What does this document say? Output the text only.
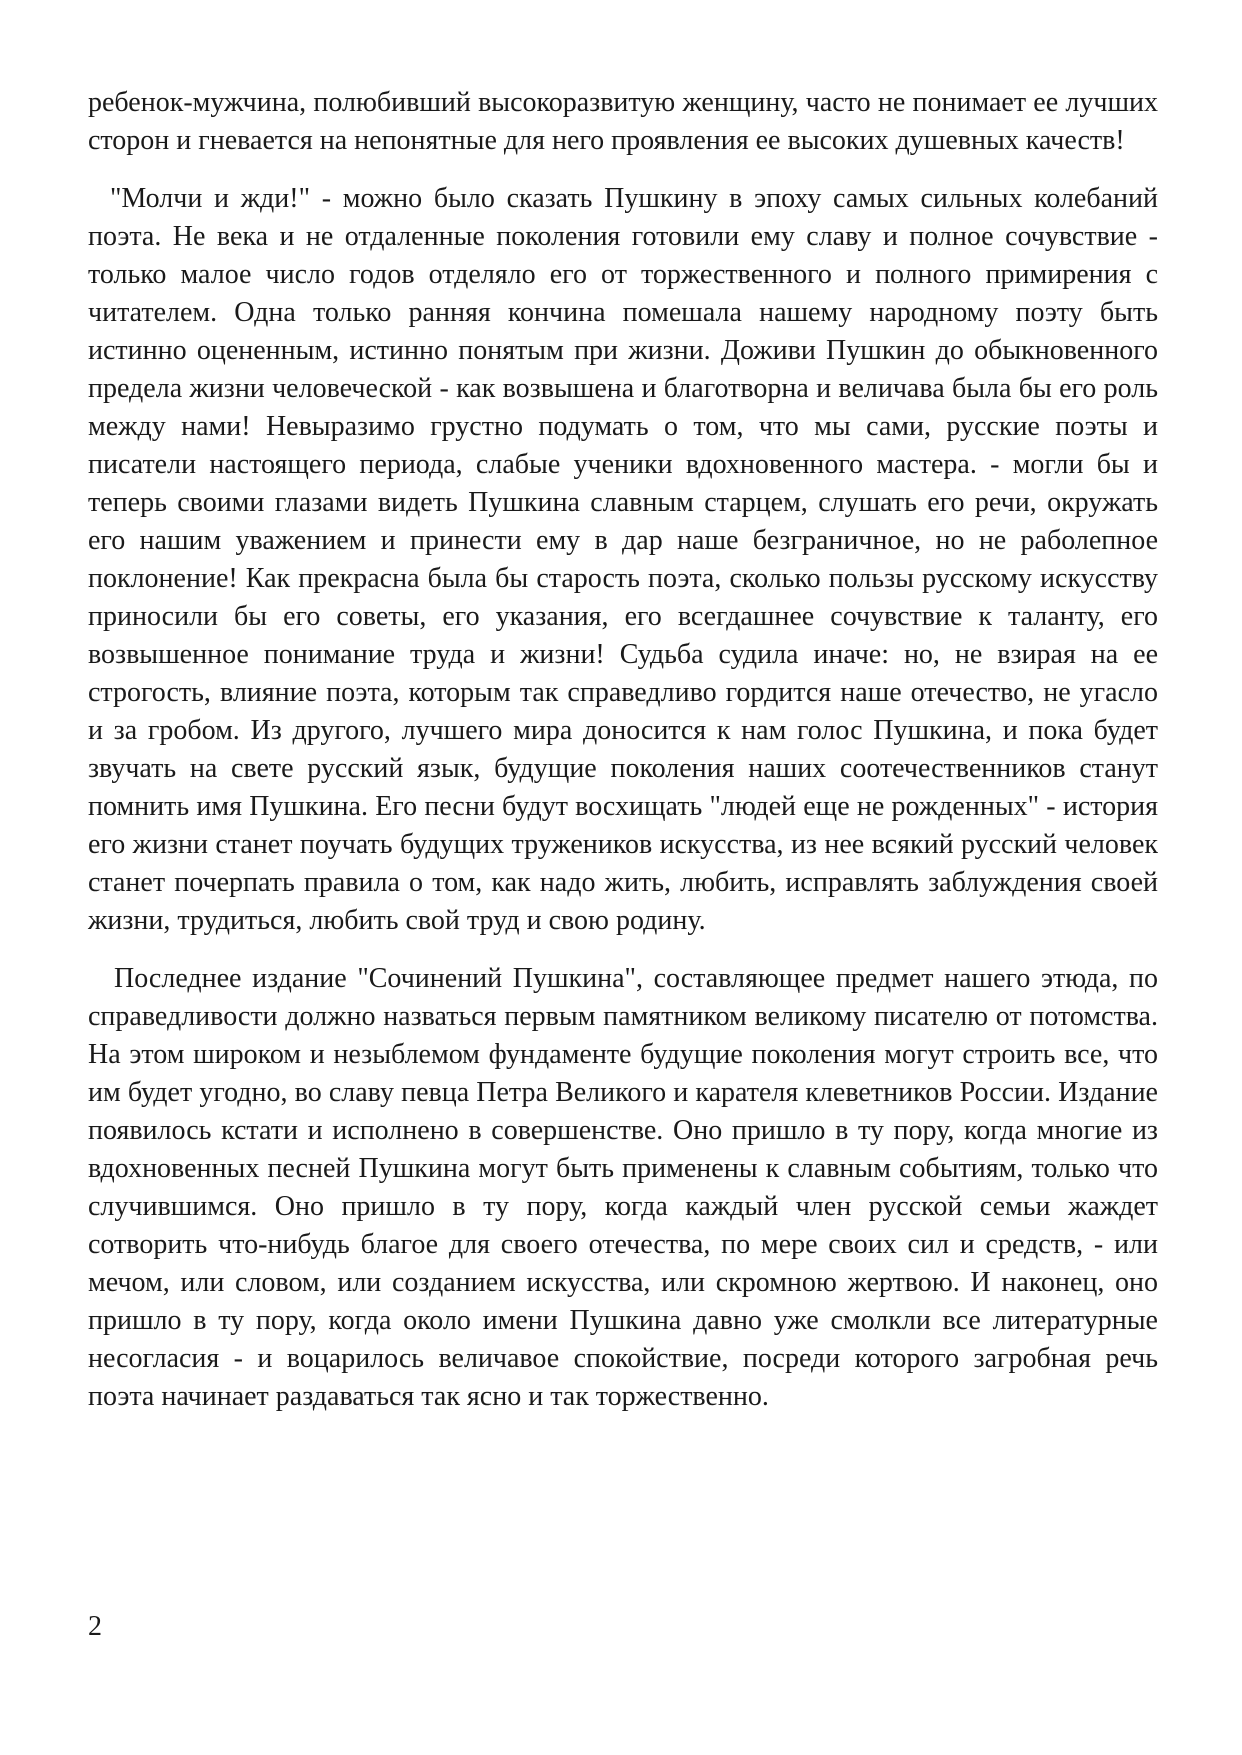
ребенок-мужчина, полюбивший высокоразвитую женщину, часто не понимает ее лучших сторон и гневается на непонятные для него проявления ее высоких душевных качеств!

"Молчи и жди!" - можно было сказать Пушкину в эпоху самых сильных колебаний поэта. Не века и не отдаленные поколения готовили ему славу и полное сочувствие - только малое число годов отделяло его от торжественного и полного примирения с читателем. Одна только ранняя кончина помешала нашему народному поэту быть истинно оцененным, истинно понятым при жизни. Доживи Пушкин до обыкновенного предела жизни человеческой - как возвышена и благотворна и величава была бы его роль между нами! Невыразимо грустно подумать о том, что мы сами, русские поэты и писатели настоящего периода, слабые ученики вдохновенного мастера. - могли бы и теперь своими глазами видеть Пушкина славным старцем, слушать его речи, окружать его нашим уважением и принести ему в дар наше безграничное, но не раболепное поклонение! Как прекрасна была бы старость поэта, сколько пользы русскому искусству приносили бы его советы, его указания, его всегдашнее сочувствие к таланту, его возвышенное понимание труда и жизни! Судьба судила иначе: но, не взирая на ее строгость, влияние поэта, которым так справедливо гордится наше отечество, не угасло и за гробом. Из другого, лучшего мира доносится к нам голос Пушкина, и пока будет звучать на свете русский язык, будущие поколения наших соотечественников станут помнить имя Пушкина. Его песни будут восхищать "людей еще не рожденных" - история его жизни станет поучать будущих тружеников искусства, из нее всякий русский человек станет почерпать правила о том, как надо жить, любить, исправлять заблуждения своей жизни, трудиться, любить свой труд и свою родину.

Последнее издание "Сочинений Пушкина", составляющее предмет нашего этюда, по справедливости должно назваться первым памятником великому писателю от потомства. На этом широком и незыблемом фундаменте будущие поколения могут строить все, что им будет угодно, во славу певца Петра Великого и карателя клеветников России. Издание появилось кстати и исполнено в совершенстве. Оно пришло в ту пору, когда многие из вдохновенных песней Пушкина могут быть применены к славным событиям, только что случившимся. Оно пришло в ту пору, когда каждый член русской семьи жаждет сотворить что-нибудь благое для своего отечества, по мере своих сил и средств, - или мечом, или словом, или созданием искусства, или скромною жертвою. И наконец, оно пришло в ту пору, когда около имени Пушкина давно уже смолкли все литературные несогласия - и воцарилось величавое спокойствие, посреди которого загробная речь поэта начинает раздаваться так ясно и так торжественно.

2
